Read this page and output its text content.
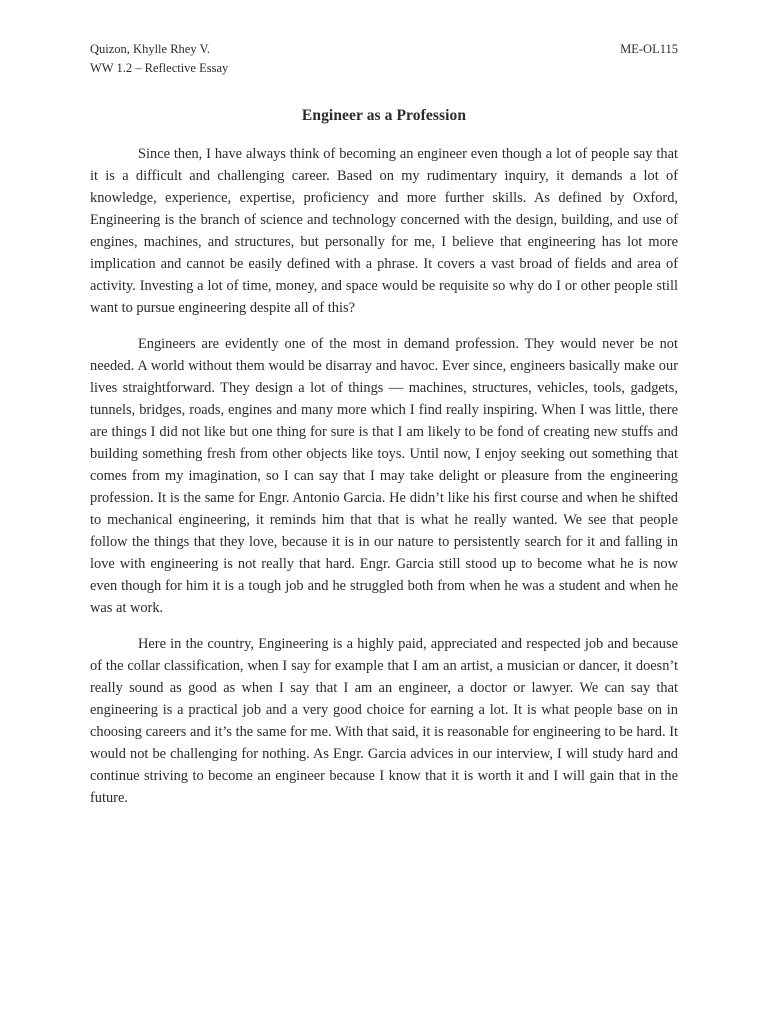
Quizon, Khylle Rhey V.
WW 1.2 – Reflective Essay
ME-OL115
Engineer as a Profession

Since then, I have always think of becoming an engineer even though a lot of people say that it is a difficult and challenging career. Based on my rudimentary inquiry, it demands a lot of knowledge, experience, expertise, proficiency and more further skills. As defined by Oxford, Engineering is the branch of science and technology concerned with the design, building, and use of engines, machines, and structures, but personally for me, I believe that engineering has lot more implication and cannot be easily defined with a phrase. It covers a vast broad of fields and area of activity. Investing a lot of time, money, and space would be requisite so why do I or other people still want to pursue engineering despite all of this?

Engineers are evidently one of the most in demand profession. They would never be not needed. A world without them would be disarray and havoc. Ever since, engineers basically make our lives straightforward. They design a lot of things — machines, structures, vehicles, tools, gadgets, tunnels, bridges, roads, engines and many more which I find really inspiring. When I was little, there are things I did not like but one thing for sure is that I am likely to be fond of creating new stuffs and building something fresh from other objects like toys. Until now, I enjoy seeking out something that comes from my imagination, so I can say that I may take delight or pleasure from the engineering profession. It is the same for Engr. Antonio Garcia. He didn’t like his first course and when he shifted to mechanical engineering, it reminds him that that is what he really wanted. We see that people follow the things that they love, because it is in our nature to persistently search for it and falling in love with engineering is not really that hard. Engr. Garcia still stood up to become what he is now even though for him it is a tough job and he struggled both from when he was a student and when he was at work.

Here in the country, Engineering is a highly paid, appreciated and respected job and because of the collar classification, when I say for example that I am an artist, a musician or dancer, it doesn’t really sound as good as when I say that I am an engineer, a doctor or lawyer. We can say that engineering is a practical job and a very good choice for earning a lot. It is what people base on in choosing careers and it’s the same for me. With that said, it is reasonable for engineering to be hard. It would not be challenging for nothing. As Engr. Garcia advices in our interview, I will study hard and continue striving to become an engineer because I know that it is worth it and I will gain that in the future.
